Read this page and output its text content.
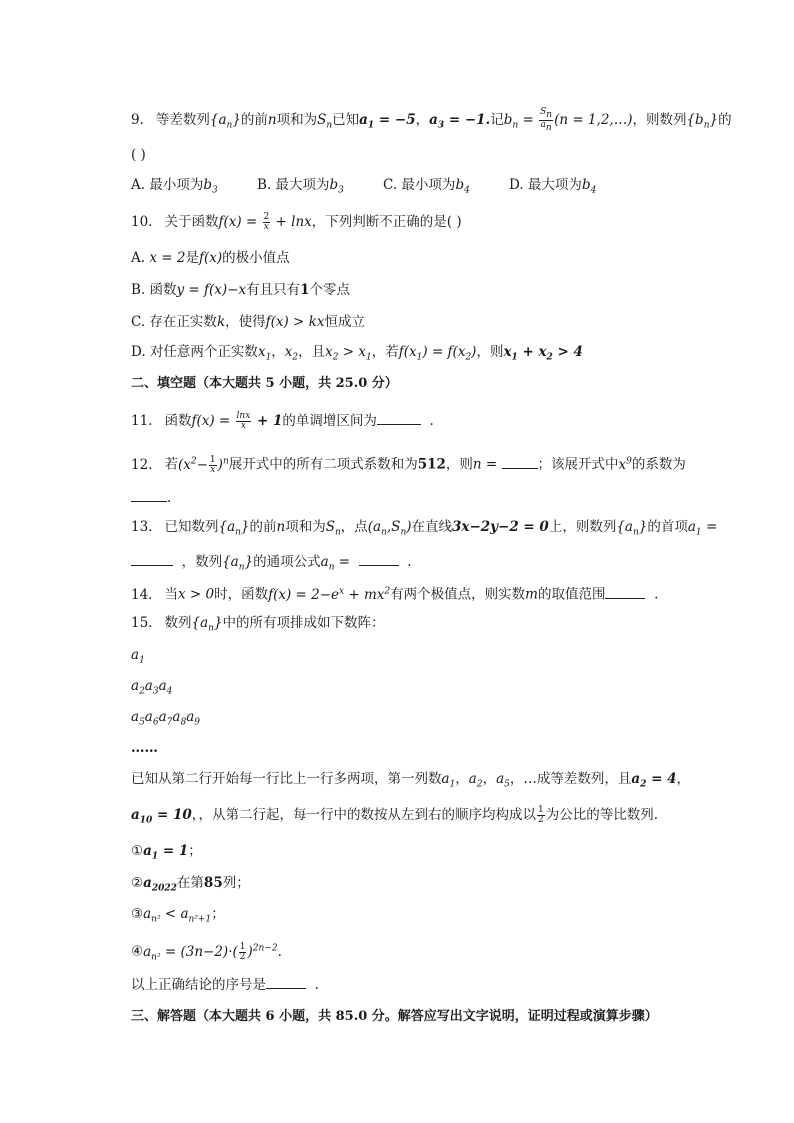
9. 等差数列$\{a_n\}$的前n项和为$S_n$已知$a_1 = -5$，$a_3 = -1$.记$b_n = \frac{S_n}{a_n} (n$ = 1,2,…)，则数列$\{b_n\}$的
( )
A. 最小项为$b_3$	B. 最大项为$b_3$	C. 最小项为$b_4$	D. 最大项为$b_4$
10. 关于函数$f(x) = \frac{2}{x} + \ln x$，下列判断不正确的是( )
A. x = 2是f(x)的极小值点
B. 函数y = f(x)−x有且只有1个零点
C. 存在正实数k，使得f(x) > kx恒成立
D. 对任意两个正实数$x_1$，$x_2$，且$x_2 > x_1$，若$f(x_1) = f(x_2)$，则$x_1 + x_2 > 4$
二、填空题（本大题共 5 小题，共 25.0 分）
11. 函数$f(x) = \frac{\ln x}{x} + 1$的单调增区间为	.
12. 若$(x^2- \frac{1}{x} )^n$展开式中的所有二项式系数和为512，则n =	；该展开式中$x^9$的系数为
.
13. 已知数列$\{a_n\}$的前n项和为$S_n$，点$(a_n,S_n)$在直线3x−2y−2 = 0上，则数列$\{a_n\}$的首项$a_1$ =
，数列$\{a_n\}$的通项公式$a_n$ =	.
14. 当x > 0时，函数$f(x) = 2-e^x + mx^2$有两个极值点，则实数m的取值范围	.
15. 数列$\{a_n\}$中的所有项排成如下数阵：
$a_1$
$a_2a_3a_4$
$a_5a_6a_7a_8a_9$
……
已知从第二行开始每一行比上一行多两项，第一列数$a_1$，$a_2$，$a_5$，…成等差数列，且$a_2 = 4$，
$a_{10} = 10$，，从第二行起，每一行中的数按从左到右的顺序均构成以 $\frac{1}{2}$ 为公比的等比数列.
$①a_1 = 1$；
$②a_{2022}$在第85列；
$③a_{n^2} < a_{n^2+1}$；
$④a_{n^2} = (3n-2)\cdot( \frac{1}{2} )^{2n-2}$.
以上正确结论的序号是	.
三、解答题（本大题共 6 小题，共 85.0 分。解答应写出文字说明，证明过程或演算步骤）
